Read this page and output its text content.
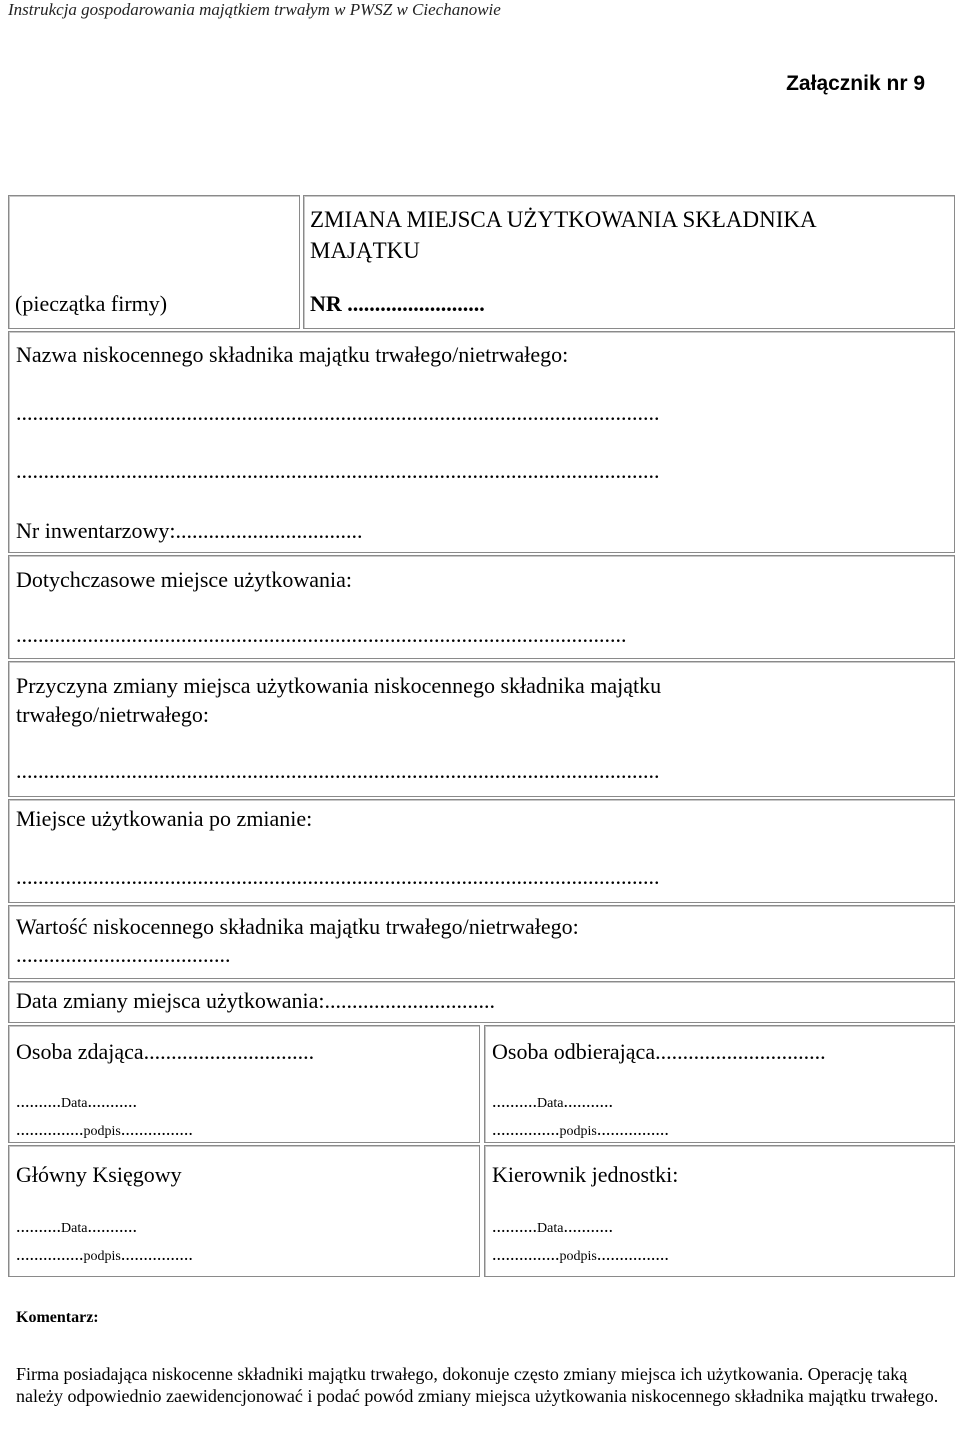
Instrukcja gospodarowania majątkiem trwałym w PWSZ w Ciechanowie
Załącznik nr 9
(pieczątka firmy)
ZMIANA MIEJSCA UŻYTKOWANIA SKŁADNIKA MAJĄTKU
NR .........................
Nazwa niskocennego składnika majątku trwałego/nietrwałego:
.....................................................................................................................
.....................................................................................................................
Nr inwentarzowy:..................................
Dotychczasowe miejsce użytkowania:
...............................................................................................................
Przyczyna zmiany miejsca użytkowania niskocennego składnika majątku
trwałego/nietrwałego:
.....................................................................................................................
Miejsce użytkowania po zmianie:
.....................................................................................................................
Wartość niskocennego składnika majątku trwałego/nietrwałego:
.......................................
Data zmiany miejsca użytkowania:...............................
Osoba zdająca...............................
..........Data...........
...............podpis................
Osoba odbierająca...............................
..........Data...........
...............podpis................
Główny Księgowy
..........Data...........
...............podpis................
Kierownik jednostki:
..........Data...........
...............podpis................
Komentarz:
Firma posiadająca niskocenne składniki majątku trwałego, dokonuje często zmiany miejsca ich użytkowania. Operację taką należy odpowiednio zaewidencjonować i podać powód zmiany miejsca użytkowania niskocennego składnika majątku trwałego.
